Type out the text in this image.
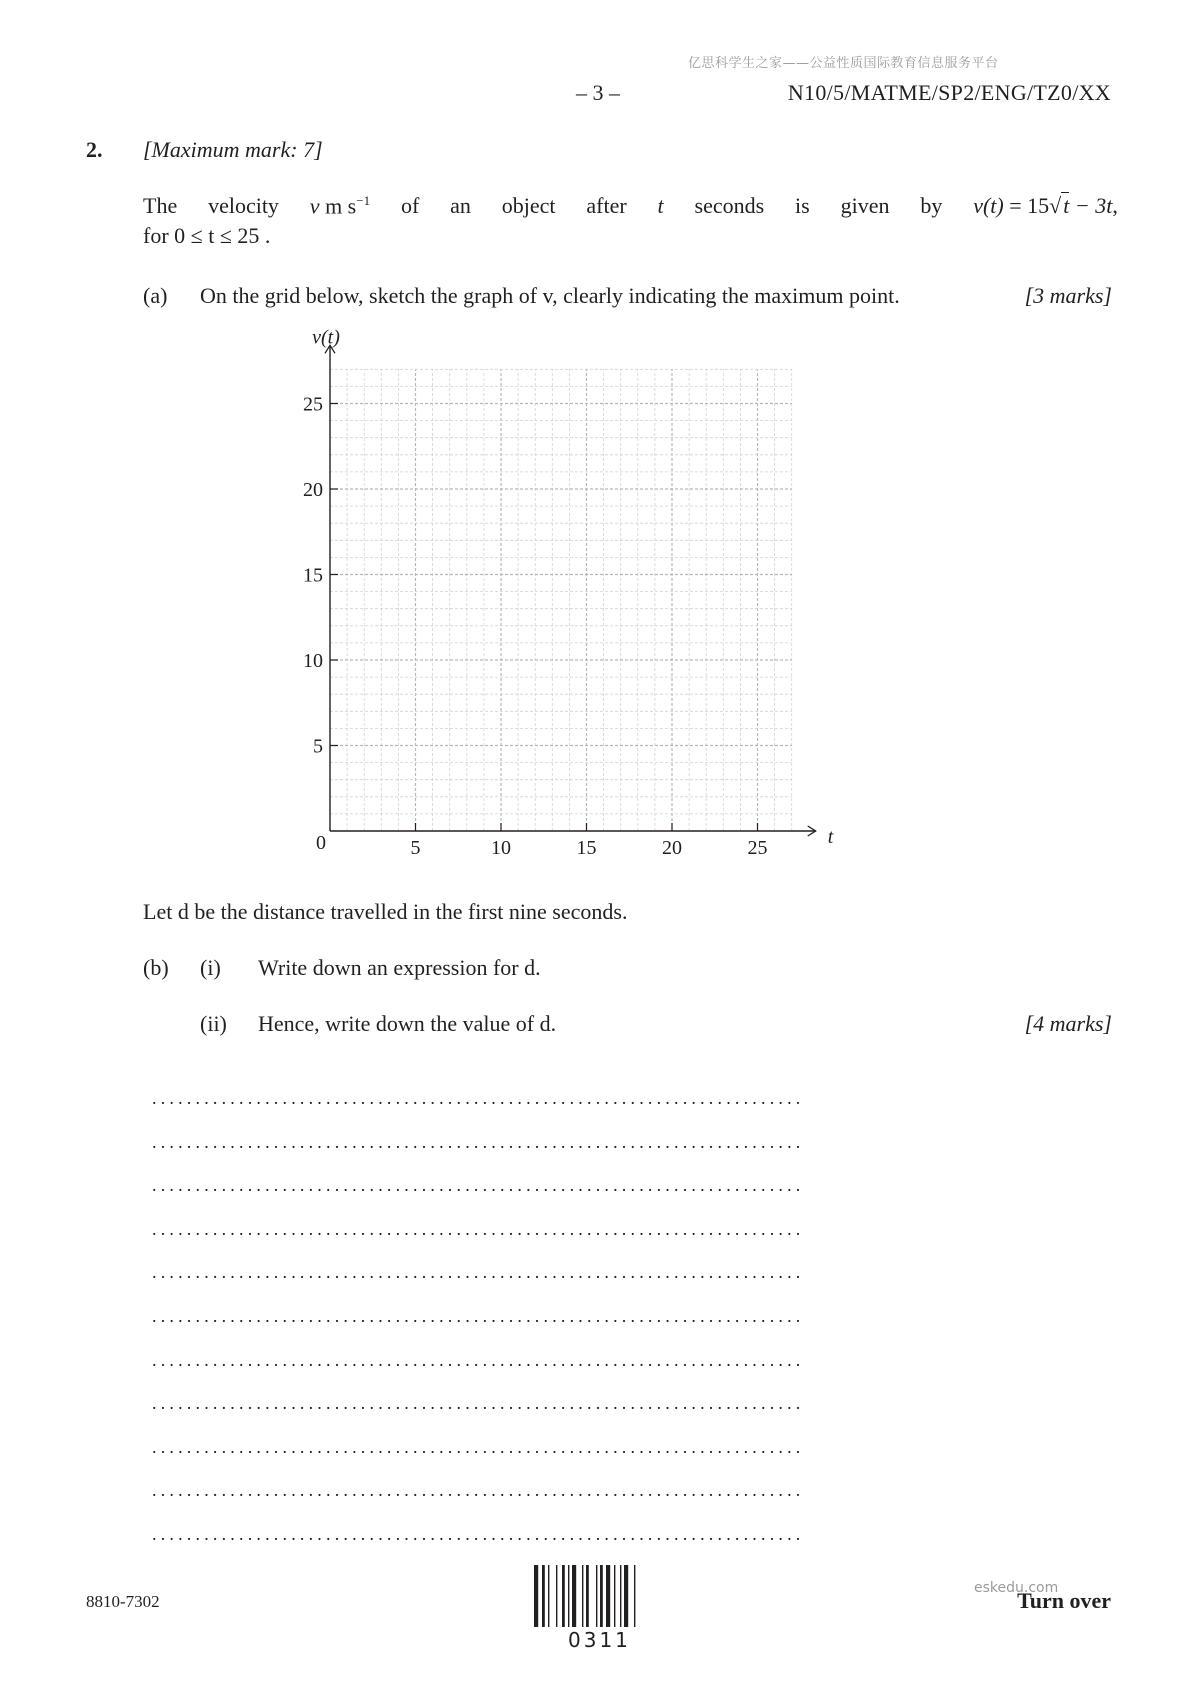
亿思科学生之家——公益性质国际教育信息服务平台
– 3 –	N10/5/MATME/SP2/ENG/TZ0/XX
2. [Maximum mark: 7]
The velocity v m $s^{-1}$ of an object after t seconds is given by v(t) = 15√t − 3t,
for 0 ≤ t ≤ 25 .
(a) On the grid below, sketch the graph of v, clearly indicating the maximum point.	[3 marks]
5	10	15	20	25
5
10
15
20
25
0	t
v(t)
Let d be the distance travelled in the first nine seconds.
(b) (i) Write down an expression for d.
(ii) Hence, write down the value of d.	[4 marks]
...........................................................................
...........................................................................
...........................................................................
...........................................................................
...........................................................................
...........................................................................
...........................................................................
...........................................................................
...........................................................................
...........................................................................
...........................................................................
8810-7302
0311
eskedu.com
Turn over
